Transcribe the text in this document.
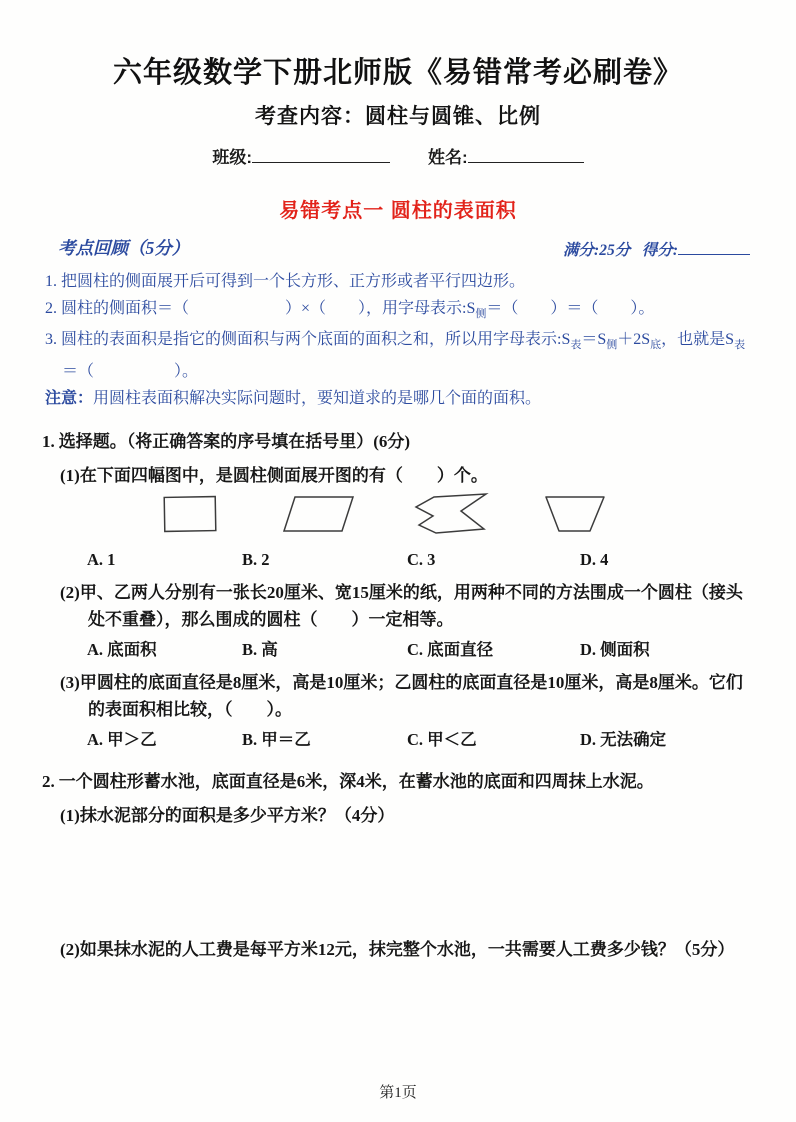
六年级数学下册北师版《易错常考必刷卷》
考查内容：圆柱与圆锥、比例
班级:	姓名:
易错考点一 圆柱的表面积
考点回顾（5分）	满分:25分 得分:
1. 把圆柱的侧面展开后可得到一个长方形、正方形或者平行四边形。
2. 圆柱的侧面积＝（　　　　　　）×（　　），用字母表示$:S_侧=$（　　）＝（　　）。
3. 圆柱的表面积是指它的侧面积与两个底面的面积之和，所以用字母表示$:S_表=S_侧+2S_底$，也就是$S_表=$（　　　　　）。
注意：用圆柱表面积解决实际问题时，要知道求的是哪几个面的面积。
1. 选择题。（将正确答案的序号填在括号里）(6分)
(1)在下面四幅图中，是圆柱侧面展开图的有（　　）个。
A. 1	B. 2	C. 3	D. 4
(2)甲、乙两人分别有一张长20厘米、宽15厘米的纸，用两种不同的方法围成一个圆柱（接头处不重叠），那么围成的圆柱（　　）一定相等。
A. 底面积	B. 高	C. 底面直径	D. 侧面积
(3)甲圆柱的底面直径是8厘米，高是10厘米；乙圆柱的底面直径是10厘米，高是8厘米。它们的表面积相比较，（　　）。
A. 甲＞乙	B. 甲＝乙	C. 甲＜乙	D. 无法确定
2. 一个圆柱形蓄水池，底面直径是6米，深4米，在蓄水池的底面和四周抹上水泥。
(1)抹水泥部分的面积是多少平方米？（4分）
(2)如果抹水泥的人工费是每平方米12元，抹完整个水池，一共需要人工费多少钱？（5分）
第1页
